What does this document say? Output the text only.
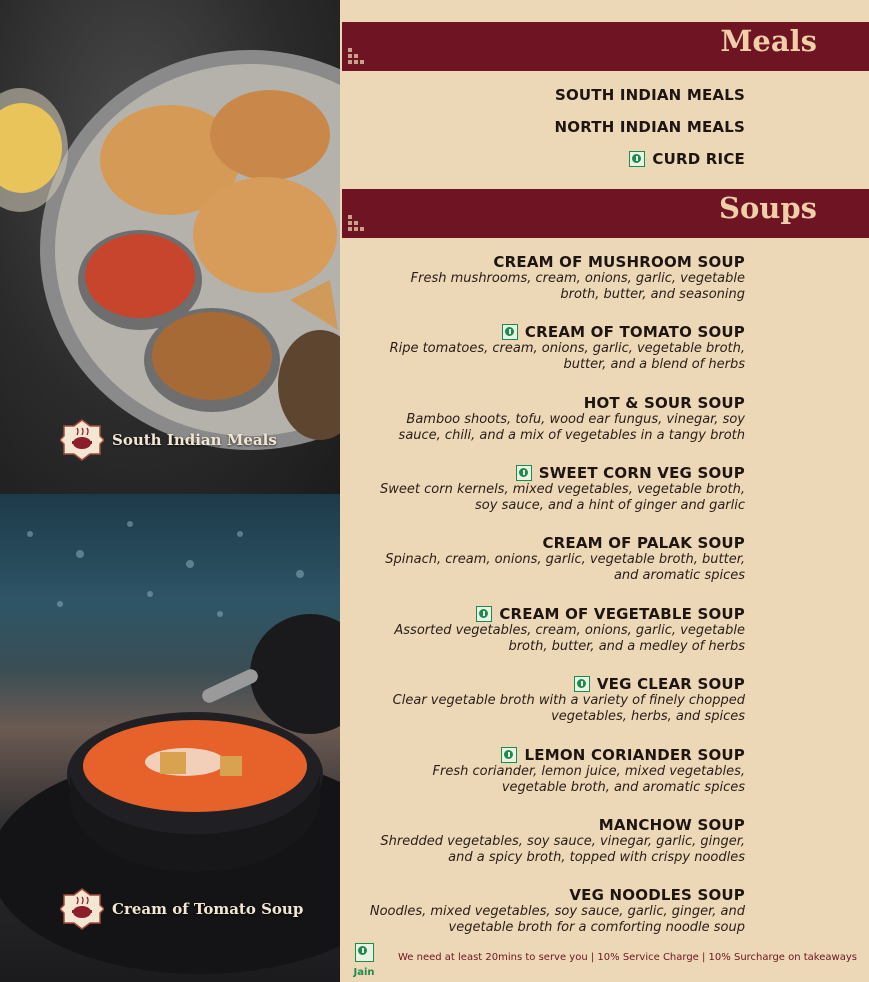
South Indian Meals
Cream of Tomato Soup
Meals
SOUTH INDIAN MEALS
NORTH INDIAN MEALS
CURD RICE
Soups
CREAM OF MUSHROOM SOUP
Fresh mushrooms, cream, onions, garlic, vegetable
broth, butter, and seasoning
CREAM OF TOMATO SOUP
Ripe tomatoes, cream, onions, garlic, vegetable broth,
butter, and a blend of herbs
HOT & SOUR SOUP
Bamboo shoots, tofu, wood ear fungus, vinegar, soy
sauce, chili, and a mix of vegetables in a tangy broth
SWEET CORN VEG SOUP
Sweet corn kernels, mixed vegetables, vegetable broth,
soy sauce, and a hint of ginger and garlic
CREAM OF PALAK SOUP
Spinach, cream, onions, garlic, vegetable broth, butter,
and aromatic spices
CREAM OF VEGETABLE SOUP
Assorted vegetables, cream, onions, garlic, vegetable
broth, butter, and a medley of herbs
VEG CLEAR SOUP
Clear vegetable broth with a variety of finely chopped
vegetables, herbs, and spices
LEMON CORIANDER SOUP
Fresh coriander, lemon juice, mixed vegetables,
vegetable broth, and aromatic spices
MANCHOW SOUP
Shredded vegetables, soy sauce, vinegar, garlic, ginger,
and a spicy broth, topped with crispy noodles
VEG NOODLES SOUP
Noodles, mixed vegetables, soy sauce, garlic, ginger, and
vegetable broth for a comforting noodle soup
Jain
We need at least 20mins to serve you | 10% Service Charge | 10% Surcharge on takeaways
